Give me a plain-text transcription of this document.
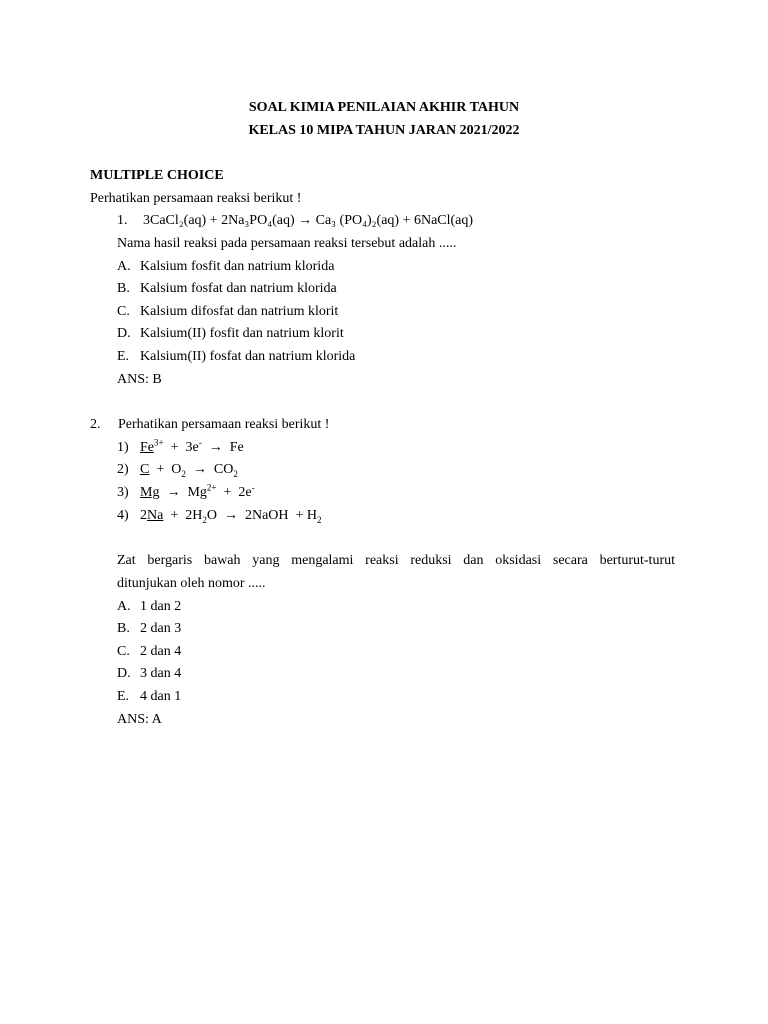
SOAL KIMIA PENILAIAN AKHIR TAHUN
KELAS 10 MIPA TAHUN JARAN 2021/2022
MULTIPLE CHOICE
Perhatikan persamaan reaksi berikut !
1. 3CaCl₂(aq) + 2Na₃PO₄(aq) → Ca₃ (PO₄)₂(aq) + 6NaCl(aq)
Nama hasil reaksi pada persamaan reaksi tersebut adalah .....
A. Kalsium fosfit dan natrium klorida
B. Kalsium fosfat dan natrium klorida
C. Kalsium difosfat dan natrium klorit
D. Kalsium(II) fosfit dan natrium klorit
E. Kalsium(II) fosfat dan natrium klorida
ANS: B
2. Perhatikan persamaan reaksi berikut !
1) $Fe^{3+} + 3e^- \to Fe$
2) $C + O_2 \to CO_2$
3) $Mg \to Mg^{2+} + 2e^-$
4) $2Na + 2H_2O$  →  2NaOH  + $H_2$
Zat bergaris bawah yang mengalami reaksi reduksi dan oksidasi secara berturut-turut
ditunjukan oleh nomor .....
A. 1 dan 2
B. 2 dan 3
C. 2 dan 4
D. 3 dan 4
E. 4 dan 1
ANS: A
